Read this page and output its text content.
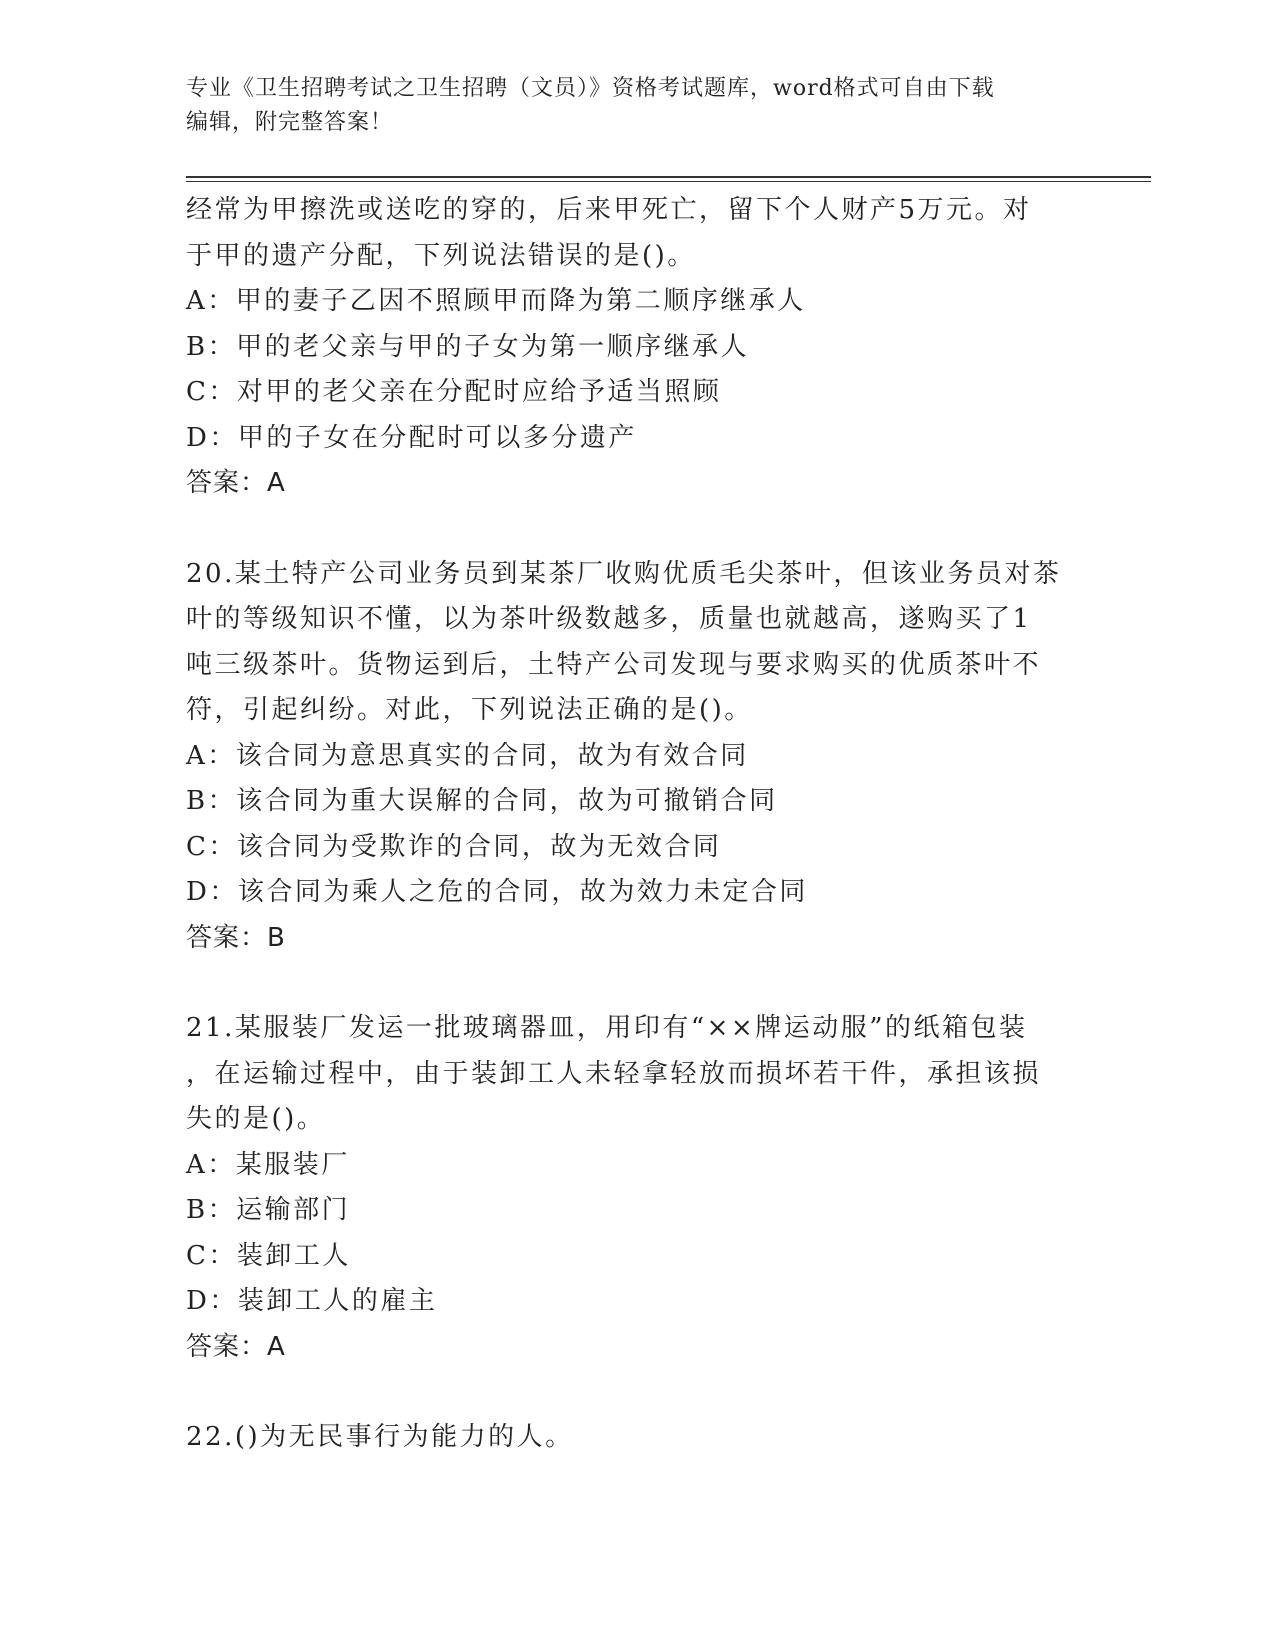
专业《卫生招聘考试之卫生招聘（文员）》资格考试题库，word格式可自由下载
编辑，附完整答案！
经常为甲擦洗或送吃的穿的，后来甲死亡，留下个人财产5万元。对
于甲的遗产分配，下列说法错误的是()。
A：甲的妻子乙因不照顾甲而降为第二顺序继承人
B：甲的老父亲与甲的子女为第一顺序继承人
C：对甲的老父亲在分配时应给予适当照顾
D：甲的子女在分配时可以多分遗产
答案：A
20.某土特产公司业务员到某茶厂收购优质毛尖茶叶，但该业务员对茶
叶的等级知识不懂，以为茶叶级数越多，质量也就越高，遂购买了1
吨三级茶叶。货物运到后，土特产公司发现与要求购买的优质茶叶不
符，引起纠纷。对此，下列说法正确的是()。
A：该合同为意思真实的合同，故为有效合同
B：该合同为重大误解的合同，故为可撤销合同
C：该合同为受欺诈的合同，故为无效合同
D：该合同为乘人之危的合同，故为效力未定合同
答案：B
21.某服装厂发运一批玻璃器皿，用印有“××牌运动服”的纸箱包装
，在运输过程中，由于装卸工人未轻拿轻放而损坏若干件，承担该损
失的是()。
A：某服装厂
B：运输部门
C：装卸工人
D：装卸工人的雇主
答案：A
22.()为无民事行为能力的人。
